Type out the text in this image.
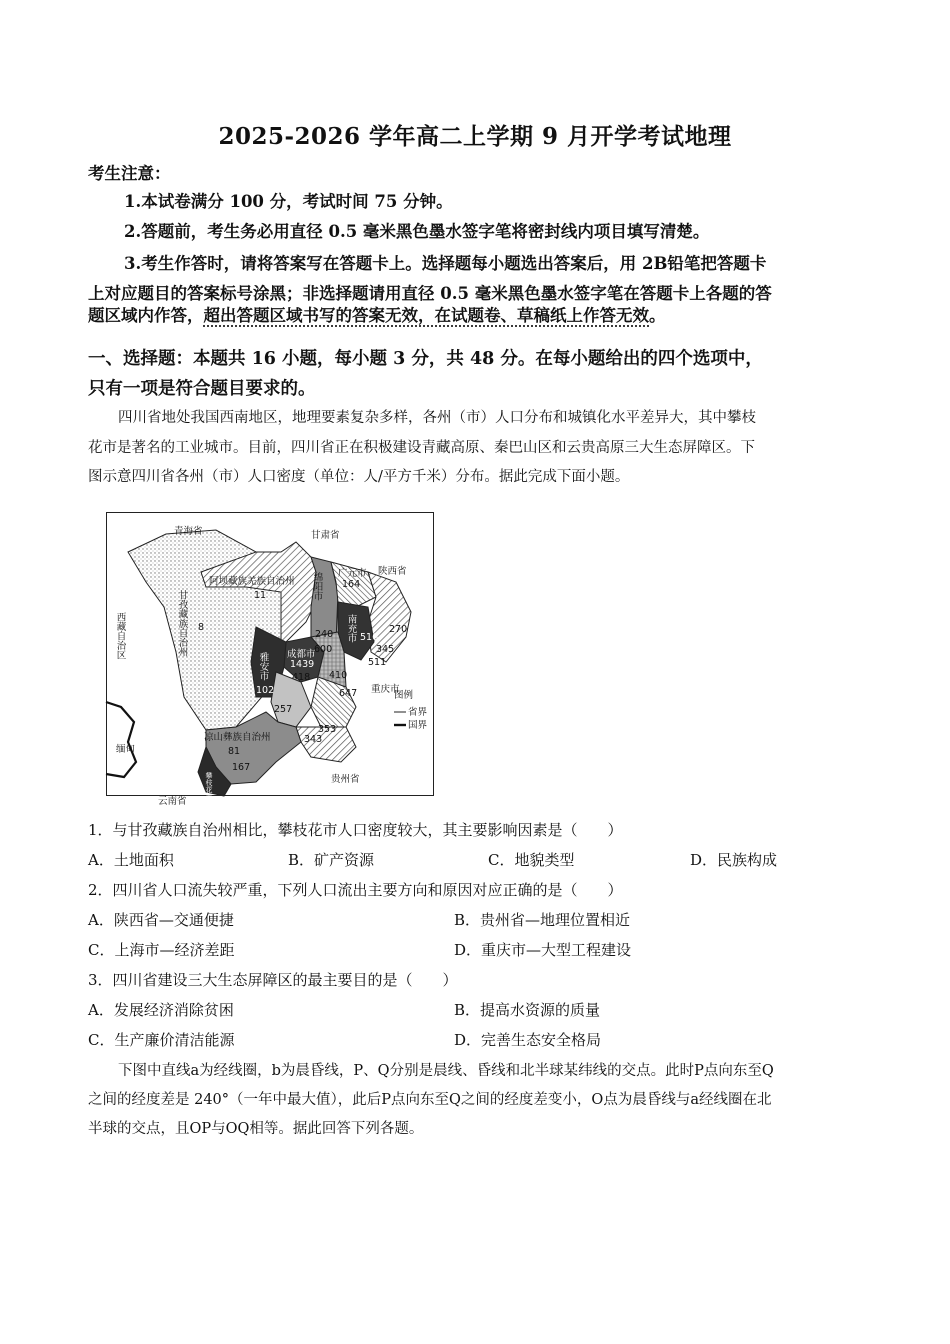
2025-2026 学年高二上学期 9 月开学考试地理
考生注意：
1.本试卷满分 100 分，考试时间 75 分钟。
2.答题前，考生务必用直径 0.5 毫米黑色墨水签字笔将密封线内项目填写清楚。
3.考生作答时，请将答案写在答题卡上。选择题每小题选出答案后，用 2B铅笔把答题卡
上对应题目的答案标号涂黑；非选择题请用直径 0.5 毫米黑色墨水签字笔在答题卡上各题的答
题区域内作答，超出答题区域书写的答案无效，在试题卷、草稿纸上作答无效。
一、选择题：本题共 16 小题，每小题 3 分，共 48 分。在每小题给出的四个选项中，
只有一项是符合题目要求的。
四川省地处我国西南地区，地理要素复杂多样，各州（市）人口分布和城镇化水平差异大，其中攀枝
花市是著名的工业城市。目前，四川省正在积极建设青藏高原、秦巴山区和云贵高原三大生态屏障区。下
图示意四川省各州（市）人口密度（单位：人/平方千米）分布。据此完成下面小题。
青海省	甘肃省
陕西省
重庆市
云南省
贵州省
缅甸
西藏自治区	甘孜藏族自治州 8
阿坝藏族羌族自治州
11	绵阳市
240
广元市
164
南充市 516
成都市
1439
雅安市
102
凉山彝族自治州
81
攀枝花市
167
270
345
511
600
410
418
647
257
343
353
图例
省界
国界
1．与甘孜藏族自治州相比，攀枝花市人口密度较大，其主要影响因素是（　　）
A．土地面积	B．矿产资源	C．地貌类型	D．民族构成
2．四川省人口流失较严重，下列人口流出主要方向和原因对应正确的是（　　）
A．陕西省—交通便捷	B．贵州省—地理位置相近
C．上海市—经济差距	D．重庆市—大型工程建设
3．四川省建设三大生态屏障区的最主要目的是（　　）
A．发展经济消除贫困	B．提高水资源的质量
C．生产廉价清洁能源	D．完善生态安全格局
下图中直线a为经线圈，b为晨昏线，P、Q分别是晨线、昏线和北半球某纬线的交点。此时P点向东至Q
之间的经度差是 240°（一年中最大值），此后P点向东至Q之间的经度差变小，O点为晨昏线与a经线圈在北
半球的交点，且OP与OQ相等。据此回答下列各题。
